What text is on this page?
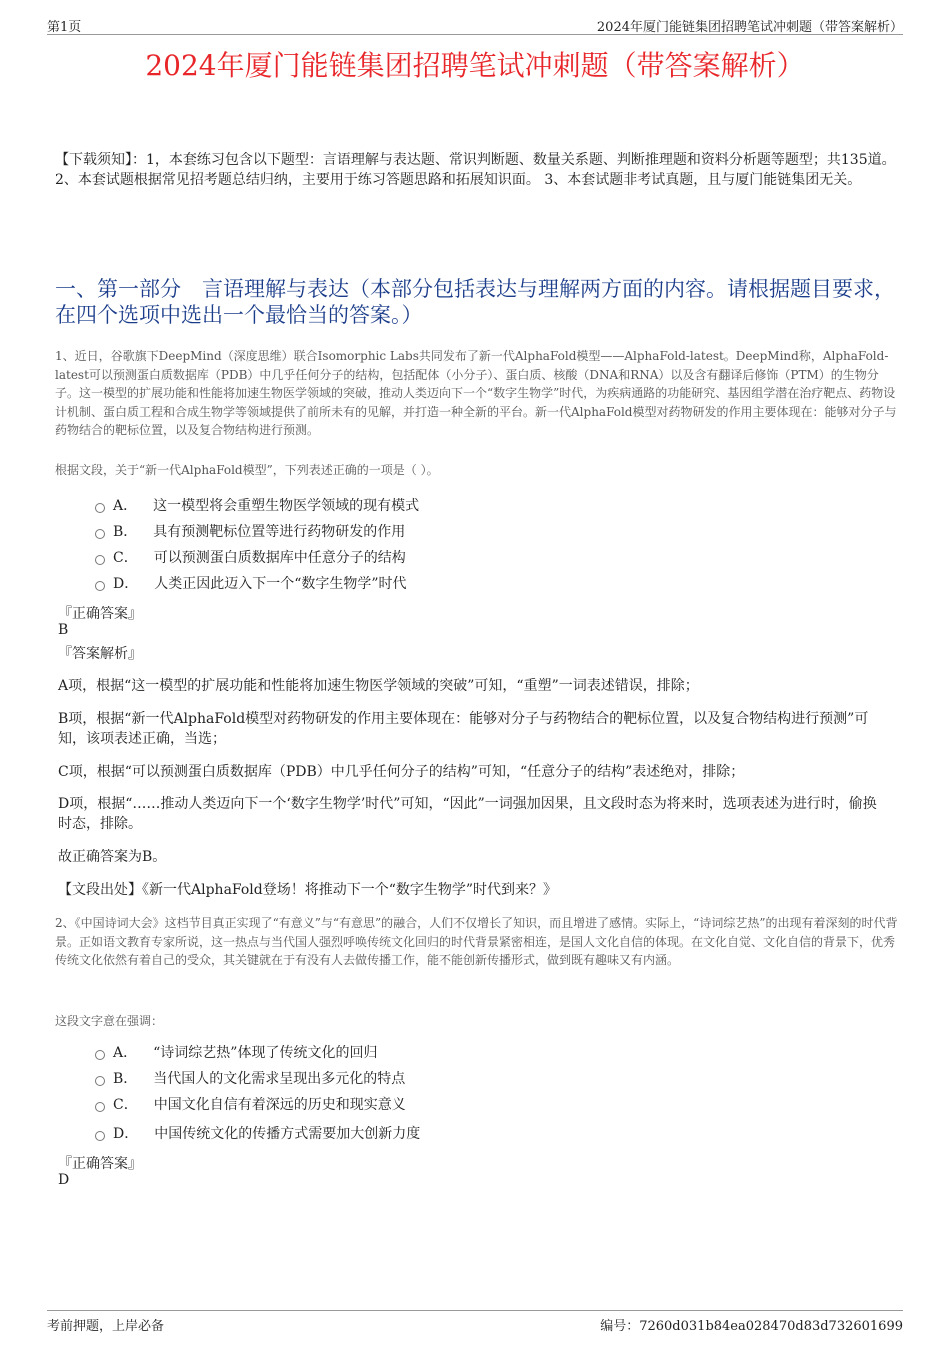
第1页	2024年厦门能链集团招聘笔试冲刺题（带答案解析）
2024年厦门能链集团招聘笔试冲刺题（带答案解析）
【下载须知】：1，本套练习包含以下题型：言语理解与表达题、常识判断题、数量关系题、判断推理题和资料分析题等题型；共135道。 2、本套试题根据常见招考题总结归纳，主要用于练习答题思路和拓展知识面。 3、本套试题非考试真题，且与厦门能链集团无关。
一、第一部分　言语理解与表达（本部分包括表达与理解两方面的内容。请根据题目要求，在四个选项中选出一个最恰当的答案。）
1、近日，谷歌旗下DeepMind（深度思维）联合Isomorphic Labs共同发布了新一代AlphaFold模型——AlphaFold-latest。DeepMind称，AlphaFold-latest可以预测蛋白质数据库（PDB）中几乎任何分子的结构，包括配体（小分子）、蛋白质、核酸（DNA和RNA）以及含有翻译后修饰（PTM）的生物分子。这一模型的扩展功能和性能将加速生物医学领域的突破，推动人类迈向下一个“数字生物学”时代，为疾病通路的功能研究、基因组学潜在治疗靶点、药物设计机制、蛋白质工程和合成生物学等领域提供了前所未有的见解，并打造一种全新的平台。新一代AlphaFold模型对药物研发的作用主要体现在：能够对分子与药物结合的靶标位置，以及复合物结构进行预测。
根据文段，关于“新一代AlphaFold模型”，下列表述正确的一项是（ ）。
A． 这一模型将会重塑生物医学领域的现有模式
B． 具有预测靶标位置等进行药物研发的作用
C． 可以预测蛋白质数据库中任意分子的结构
D． 人类正因此迈入下一个“数字生物学”时代
『正确答案』
B
『答案解析』
A项，根据“这一模型的扩展功能和性能将加速生物医学领域的突破”可知，“重塑”一词表述错误，排除；
B项，根据“新一代AlphaFold模型对药物研发的作用主要体现在：能够对分子与药物结合的靶标位置，以及复合物结构进行预测”可知，该项表述正确，当选；
C项，根据“可以预测蛋白质数据库（PDB）中几乎任何分子的结构”可知，“任意分子的结构”表述绝对，排除；
D项，根据“……推动人类迈向下一个‘数字生物学’时代”可知，“因此”一词强加因果，且文段时态为将来时，选项表述为进行时，偷换时态，排除。
故正确答案为B。
【文段出处】《新一代AlphaFold登场！将推动下一个“数字生物学”时代到来？》
2、《中国诗词大会》这档节目真正实现了“有意义”与“有意思”的融合，人们不仅增长了知识，而且增进了感情。实际上，“诗词综艺热”的出现有着深刻的时代背景。正如语文教育专家所说，这一热点与当代国人强烈呼唤传统文化回归的时代背景紧密相连，是国人文化自信的体现。在文化自觉、文化自信的背景下，优秀传统文化依然有着自己的受众，其关键就在于有没有人去做传播工作，能不能创新传播形式，做到既有趣味又有内涵。
这段文字意在强调：
A． “诗词综艺热”体现了传统文化的回归
B． 当代国人的文化需求呈现出多元化的特点
C． 中国文化自信有着深远的历史和现实意义
D． 中国传统文化的传播方式需要加大创新力度
『正确答案』
D
考前押题，上岸必备	编号：7260d031b84ea028470d83d732601699
